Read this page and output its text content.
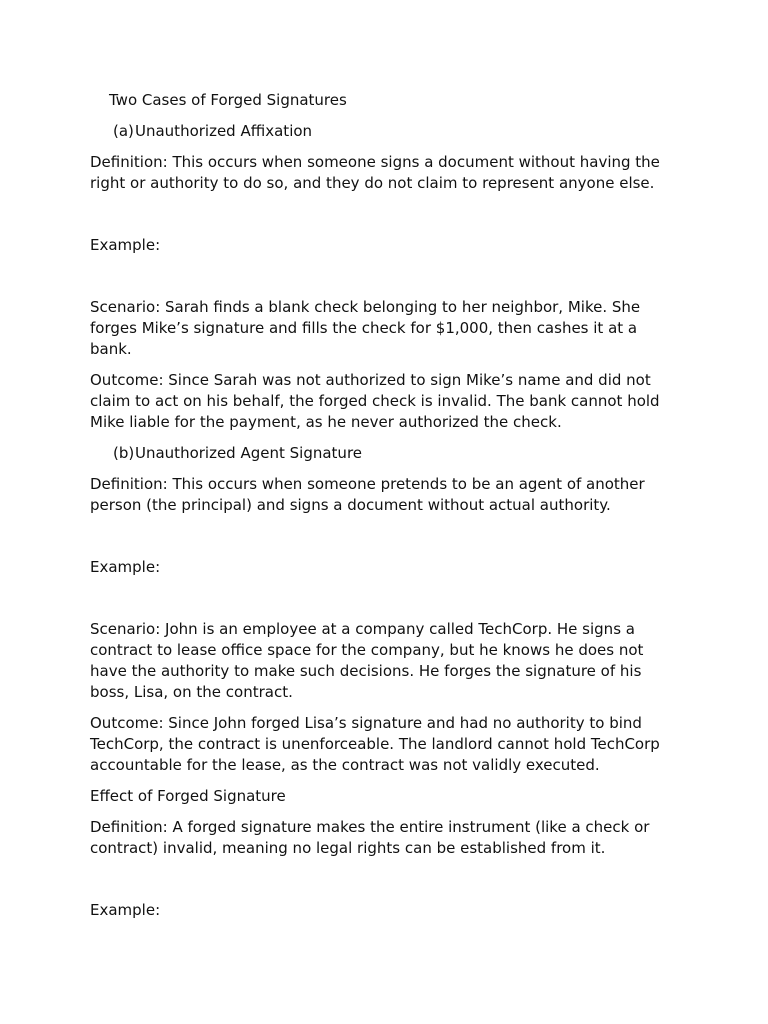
Two Cases of Forged Signatures
(a) Unauthorized Affixation
Definition: This occurs when someone signs a document without having the right or authority to do so, and they do not claim to represent anyone else.
Example:
Scenario: Sarah finds a blank check belonging to her neighbor, Mike. She forges Mike’s signature and fills the check for $1,000, then cashes it at a bank.
Outcome: Since Sarah was not authorized to sign Mike’s name and did not claim to act on his behalf, the forged check is invalid. The bank cannot hold Mike liable for the payment, as he never authorized the check.
(b) Unauthorized Agent Signature
Definition: This occurs when someone pretends to be an agent of another person (the principal) and signs a document without actual authority.
Example:
Scenario: John is an employee at a company called TechCorp. He signs a contract to lease office space for the company, but he knows he does not have the authority to make such decisions. He forges the signature of his boss, Lisa, on the contract.
Outcome: Since John forged Lisa’s signature and had no authority to bind TechCorp, the contract is unenforceable. The landlord cannot hold TechCorp accountable for the lease, as the contract was not validly executed.
Effect of Forged Signature
Definition: A forged signature makes the entire instrument (like a check or contract) invalid, meaning no legal rights can be established from it.
Example:
